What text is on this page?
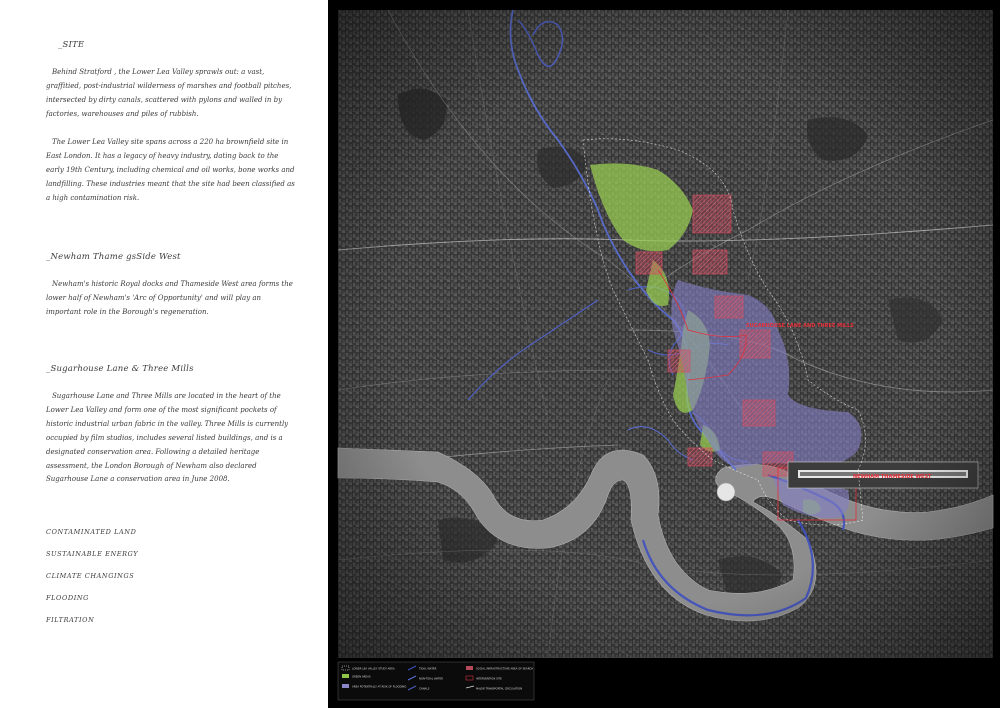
_SITE
Behind Stratford , the Lower Lea Valley sprawls out: a vast, graffitied, post-industrial wilderness of marshes and football pitches, intersected by dirty canals, scattered with pylons and walled in by factories, warehouses and piles of rubbish.
The Lower Lea Valley site spans across a 220 ha brownfield site in East London. It has a legacy of heavy industry, dating back to the early 19th Century, including chemical and oil works, bone works and landfilling. These industries meant that the site had been classified as a high contamination risk.
_Newham Thame gsSide West
Newham's historic Royal docks and Thameside West area forms the lower half of Newham's 'Arc of Opportunity' and will play an important role in the Borough's regeneration.
_Sugarhouse Lane & Three Mills
Sugarhouse Lane and Three Mills are located in the heart of the Lower Lea Valley and form one of the most significant pockets of historic industrial urban fabric in the valley. Three Mills is currently occupied by film studios, includes several listed buildings, and is a designated conservation area. Following a detailed heritage assessment, the London Borough of Newham also declared Sugarhouse Lane a conservation area in June 2008.
CONTAMINATED LAND
SUSTAINABLE ENERGY
CLIMATE CHANGINGS
FLOODING
FILTRATION
LOWER LEA VALLEY STUDY AREA
GREEN AREAS
AREA POTENTIALLY AT RISK OF FLOODING
TIDAL WATER
NON-TIDAL WATER
CANALS
SOCIAL INFRASTRUCTURE AREA OF SEARCH
INTERVENTION SITE
MAJOR TRANSPORTAL CIRCULATION
